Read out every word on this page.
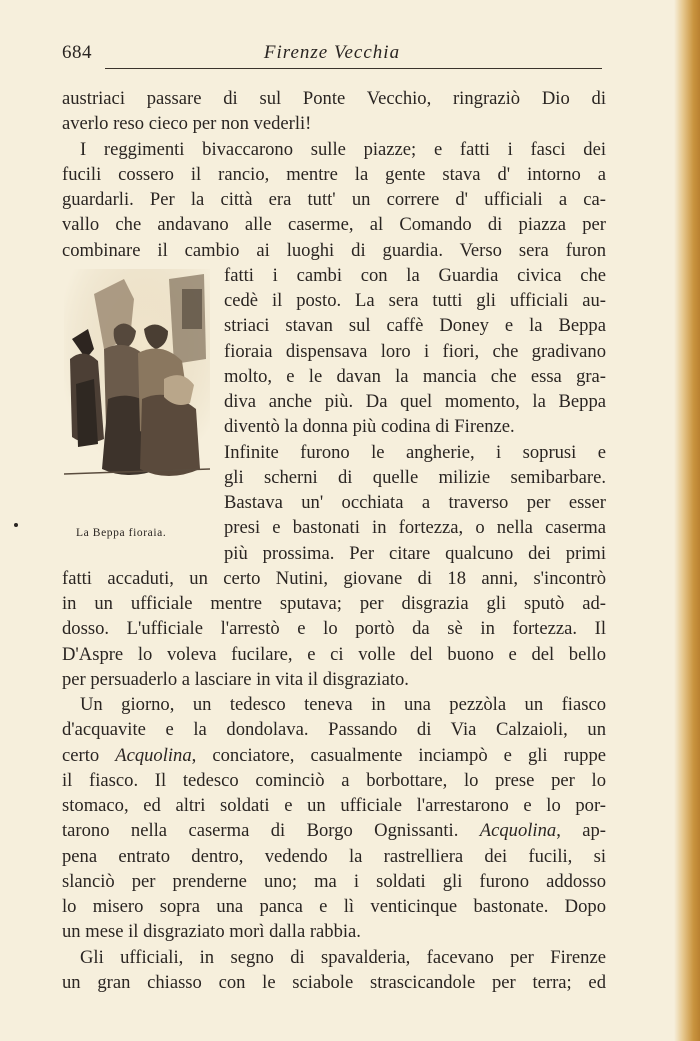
684	Firenze Vecchia

austriaci passare di sul Ponte Vecchio, ringraziò Dio di
averlo reso cieco per non vederli!

I reggimenti bivaccarono sulle piazze; e fatti i fasci dei
fucili cossero il rancio, mentre la gente stava d' intorno a
guardarli. Per la città era tutt' un correre d' ufficiali a ca-
vallo che andavano alle caserme, al Comando di piazza per
combinare il cambio ai luoghi di guardia. Verso sera furon

La Beppa fioraia.

fatti i cambi con la Guardia civica che
cedè il posto. La sera tutti gli ufficiali au-
striaci stavan sul caffè Doney e la Beppa
fioraia dispensava loro i fiori, che gradivano
molto, e le davan la mancia che essa gra-
diva anche più. Da quel momento, la Beppa
diventò la donna più codina di Firenze.

Infinite furono le angherie, i soprusi e
gli scherni di quelle milizie semibarbare.
Bastava un' occhiata a traverso per esser
presi e bastonati in fortezza, o nella caserma
più prossima. Per citare qualcuno dei primi
fatti accaduti, un certo Nutini, giovane di 18 anni, s'incontrò
in un ufficiale mentre sputava; per disgrazia gli sputò ad-
dosso. L'ufficiale l'arrestò e lo portò da sè in fortezza. Il
D'Aspre lo voleva fucilare, e ci volle del buono e del bello
per persuaderlo a lasciare in vita il disgraziato.

Un giorno, un tedesco teneva in una pezzòla un fiasco
d'acquavite e la dondolava. Passando di Via Calzaioli, un
certo Acquolina, conciatore, casualmente inciampò e gli ruppe
il fiasco. Il tedesco cominciò a borbottare, lo prese per lo
stomaco, ed altri soldati e un ufficiale l'arrestarono e lo por-
tarono nella caserma di Borgo Ognissanti. Acquolina, ap-
pena entrato dentro, vedendo la rastrelliera dei fucili, si
slanciò per prenderne uno; ma i soldati gli furono addosso
lo misero sopra una panca e lì venticinque bastonate. Dopo
un mese il disgraziato morì dalla rabbia.

Gli ufficiali, in segno di spavalderia, facevano per Firenze
un gran chiasso con le sciabole strascicandole per terra; ed
